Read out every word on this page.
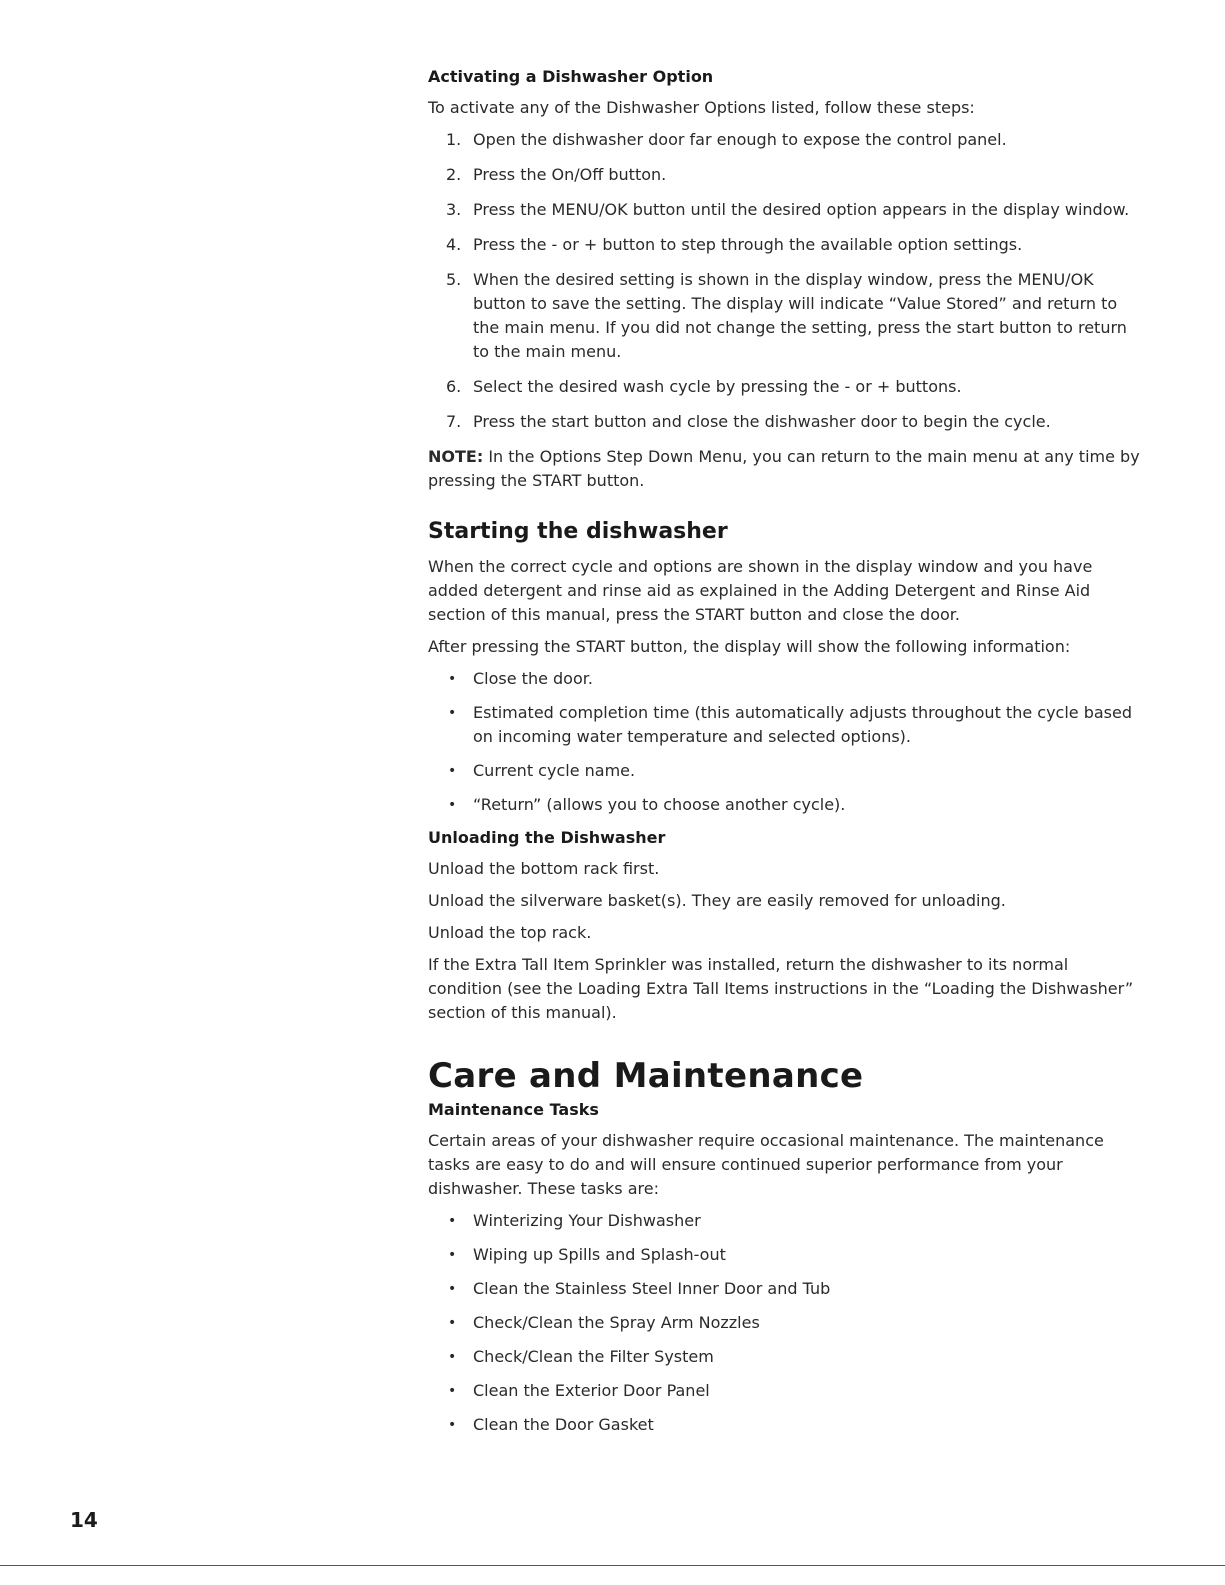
Activating a Dishwasher Option

To activate any of the Dishwasher Options listed, follow these steps:

1. Open the dishwasher door far enough to expose the control panel.
2. Press the On/Off button.
3. Press the MENU/OK button until the desired option appears in the display window.
4. Press the - or + button to step through the available option settings.
5. When the desired setting is shown in the display window, press the MENU/OK button to save the setting. The display will indicate “Value Stored” and return to the main menu. If you did not change the setting, press the start button to return to the main menu.
6. Select the desired wash cycle by pressing the - or + buttons.
7. Press the start button and close the dishwasher door to begin the cycle.

NOTE: In the Options Step Down Menu, you can return to the main menu at any time by pressing the START button.

Starting the dishwasher

When the correct cycle and options are shown in the display window and you have added detergent and rinse aid as explained in the Adding Detergent and Rinse Aid section of this manual, press the START button and close the door.

After pressing the START button, the display will show the following information:

• Close the door.
• Estimated completion time (this automatically adjusts throughout the cycle based on incoming water temperature and selected options).
• Current cycle name.
• “Return” (allows you to choose another cycle).
Unloading the Dishwasher

Unload the bottom rack first.

Unload the silverware basket(s). They are easily removed for unloading.

Unload the top rack.

If the Extra Tall Item Sprinkler was installed, return the dishwasher to its normal condition (see the Loading Extra Tall Items instructions in the “Loading the Dishwasher” section of this manual).

Care and Maintenance
Maintenance Tasks

Certain areas of your dishwasher require occasional maintenance. The maintenance tasks are easy to do and will ensure continued superior performance from your dishwasher. These tasks are:

• Winterizing Your Dishwasher
• Wiping up Spills and Splash-out
• Clean the Stainless Steel Inner Door and Tub
• Check/Clean the Spray Arm Nozzles
• Check/Clean the Filter System
• Clean the Exterior Door Panel
• Clean the Door Gasket
14
